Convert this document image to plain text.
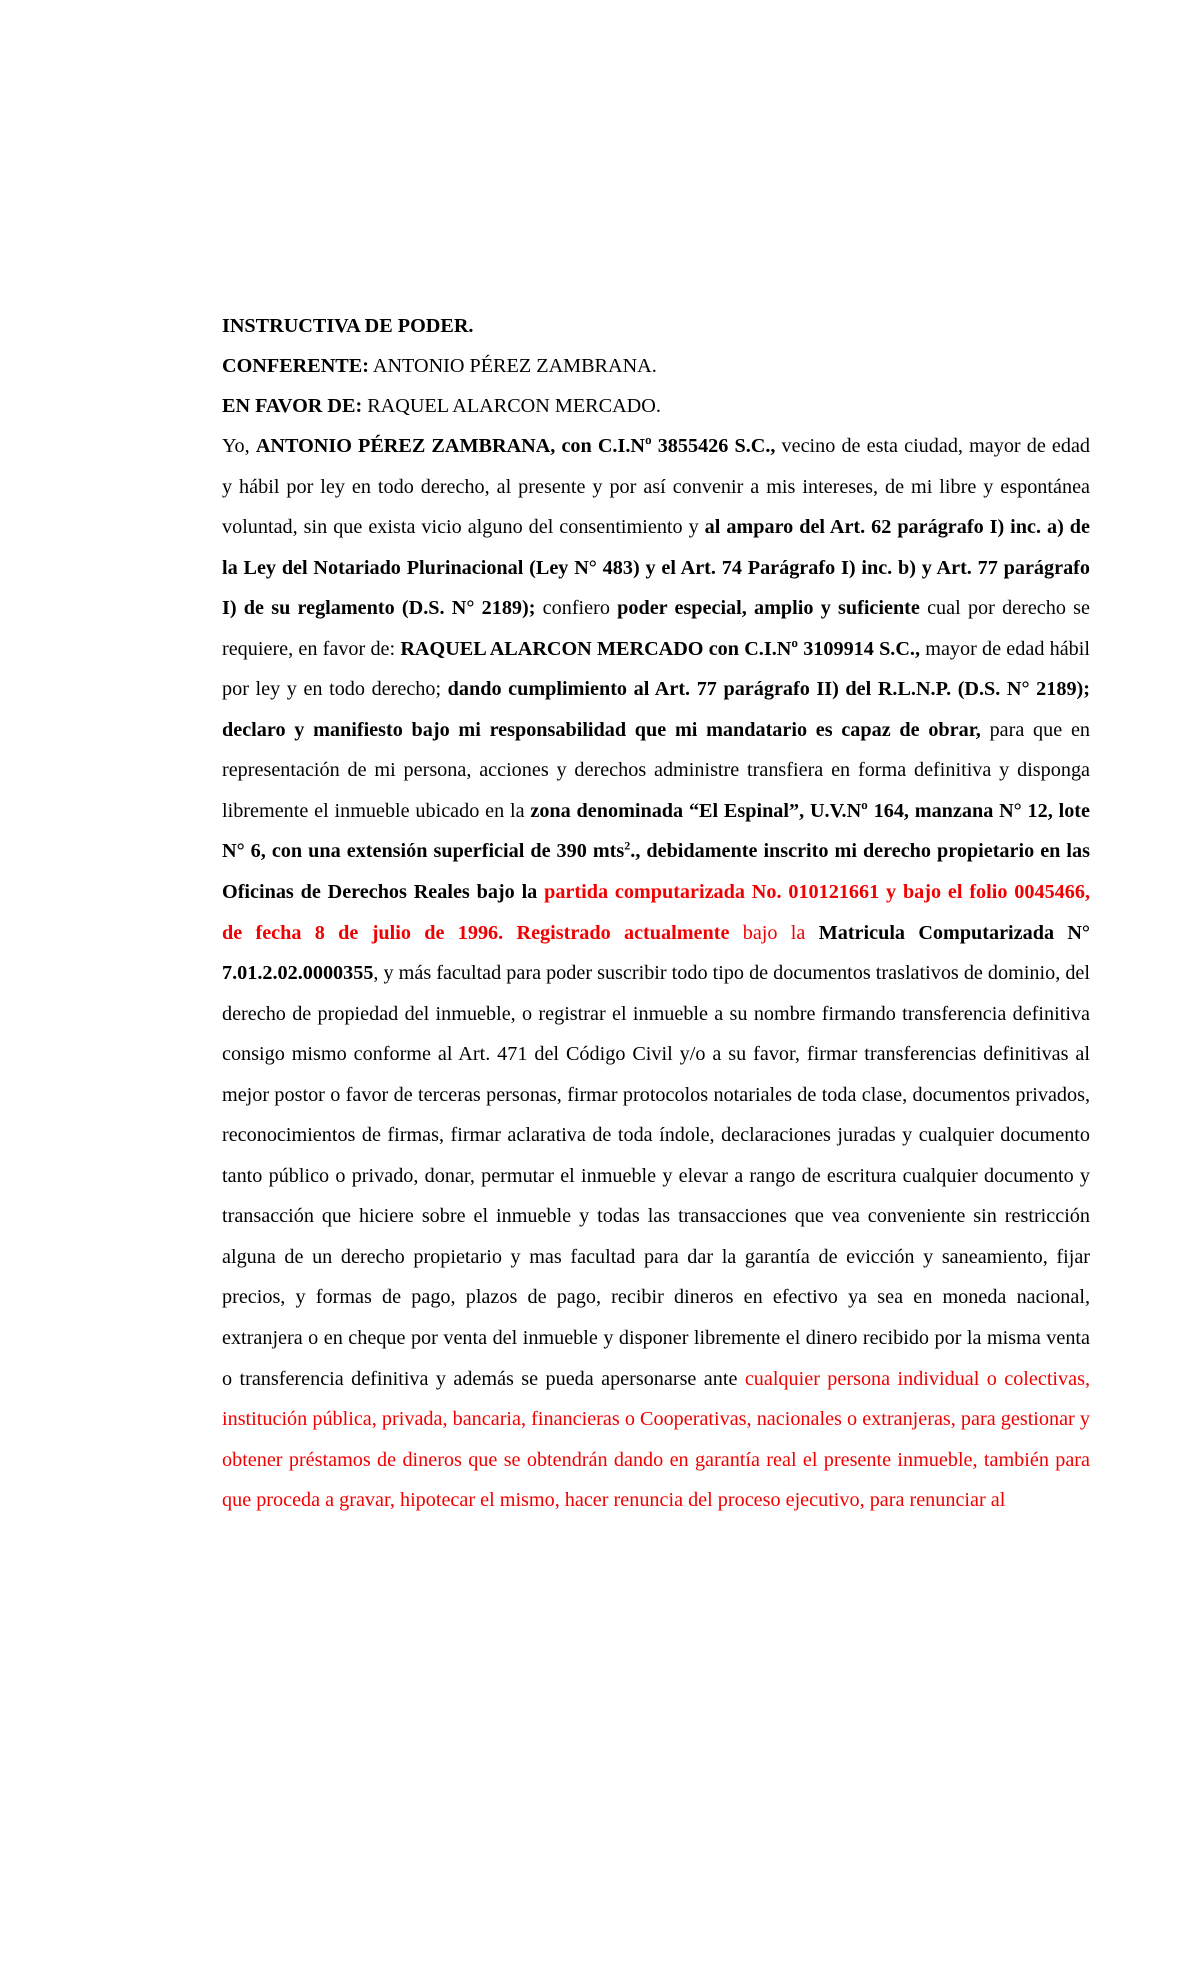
INSTRUCTIVA DE PODER.
CONFERENTE: ANTONIO PÉREZ ZAMBRANA.
EN FAVOR DE: RAQUEL ALARCON MERCADO.
Yo, ANTONIO PÉREZ ZAMBRANA, con C.I.Nº 3855426 S.C., vecino de esta ciudad, mayor de edad y hábil por ley en todo derecho, al presente y por así convenir a mis intereses, de mi libre y espontánea voluntad, sin que exista vicio alguno del consentimiento y al amparo del Art. 62 parágrafo I) inc. a) de la Ley del Notariado Plurinacional (Ley N° 483) y el Art. 74 Parágrafo I) inc. b) y Art. 77 parágrafo I) de su reglamento (D.S. N° 2189); confiero poder especial, amplio y suficiente cual por derecho se requiere, en favor de: RAQUEL ALARCON MERCADO con C.I.Nº 3109914 S.C., mayor de edad hábil por ley y en todo derecho; dando cumplimiento al Art. 77 parágrafo II) del R.L.N.P. (D.S. N° 2189); declaro y manifiesto bajo mi responsabilidad que mi mandatario es capaz de obrar, para que en representación de mi persona, acciones y derechos administre transfiera en forma definitiva y disponga libremente el inmueble ubicado en la zona denominada “El Espinal”, U.V.Nº 164, manzana N° 12, lote N° 6, con una extensión superficial de 390 mts$^2$., debidamente inscrito mi derecho propietario en las Oficinas de Derechos Reales bajo la partida computarizada No. 010121661 y bajo el folio 0045466, de fecha 8 de julio de 1996. Registrado actualmente bajo la Matricula Computarizada N° 7.01.2.02.0000355, y más facultad para poder suscribir todo tipo de documentos traslativos de dominio, del derecho de propiedad del inmueble, o registrar el inmueble a su nombre firmando transferencia definitiva consigo mismo conforme al Art. 471 del Código Civil y/o a su favor, firmar transferencias definitivas al mejor postor o favor de terceras personas, firmar protocolos notariales de toda clase, documentos privados, reconocimientos de firmas, firmar aclarativa de toda índole, declaraciones juradas y cualquier documento tanto público o privado, donar, permutar el inmueble y elevar a rango de escritura cualquier documento y transacción que hiciere sobre el inmueble y todas las transacciones que vea conveniente sin restricción alguna de un derecho propietario y mas facultad para dar la garantía de evicción y saneamiento, fijar precios, y formas de pago, plazos de pago, recibir dineros en efectivo ya sea en moneda nacional, extranjera o en cheque por venta del inmueble y disponer libremente el dinero recibido por la misma venta o transferencia definitiva y además se pueda apersonarse ante cualquier persona individual o colectivas, institución pública, privada, bancaria, financieras o Cooperativas, nacionales o extranjeras, para gestionar y obtener préstamos de dineros que se obtendrán dando en garantía real el presente inmueble, también para que proceda a gravar, hipotecar el mismo, hacer renuncia del proceso ejecutivo, para renunciar al
